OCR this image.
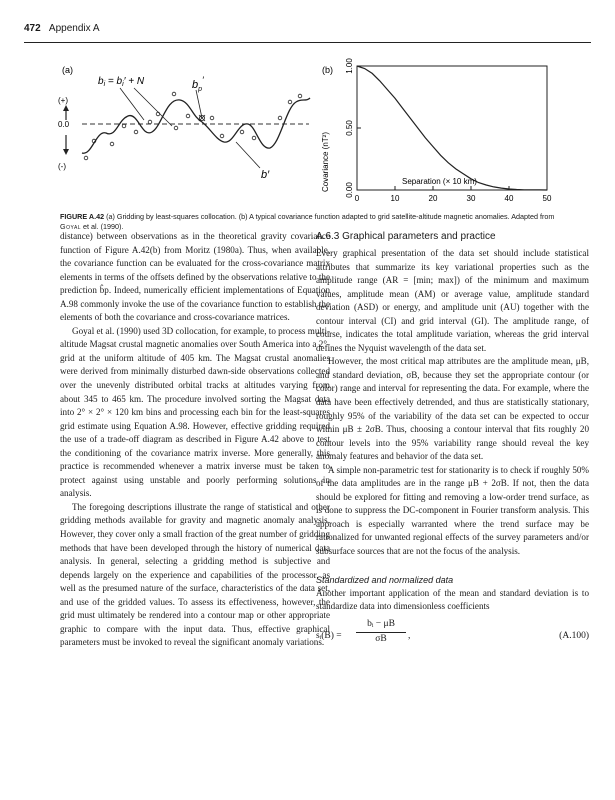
472 Appendix A
(a)
$b_i = b_i' + N$	$b_p'$
b′
(+)
0.0
(-)
(b)
Covariance (nT²) 0.00
0.50
1.00
0	10	20	30	40	50
Separation (× 10 km)
FIGURE A.42 (a) Gridding by least-squares collocation. (b) A typical covariance function adapted to grid satellite-altitude magnetic anomalies. Adapted from Goyal et al. (1990).

distance) between observations as in the theoretical gravity covariance function of Figure A.42(b) from Moritz (1980a). Thus, when available, the covariance function can be evaluated for the cross-covariance matrix elements in terms of the offsets defined by the observations relative to the prediction b̂p. Indeed, numerically efficient implementations of Equation A.98 commonly invoke the use of the covariance function to establish the elements of both the covariance and cross-covariance matrices.

Goyal et al. (1990) used 3D collocation, for example, to process multi-altitude Magsat crustal magnetic anomalies over South America into a 2°-grid at the uniform altitude of 405 km. The Magsat crustal anomalies were derived from minimally disturbed dawn-side observations collected over the unevenly distributed orbital tracks at altitudes varying from about 345 to 465 km. The procedure involved sorting the Magsat data into 2° × 2° × 120 km bins and processing each bin for the least-squares grid estimate using Equation A.98. However, effective gridding required the use of a trade-off diagram as described in Figure A.42 above to test the conditioning of the covariance matrix inverse. More generally, this practice is recommended whenever a matrix inverse must be taken to protect against using unstable and poorly performing solutions in analysis.

The foregoing descriptions illustrate the range of statistical and other gridding methods available for gravity and magnetic anomaly analysis. However, they cover only a small fraction of the great number of gridding methods that have been developed through the history of numerical data analysis. In general, selecting a gridding method is subjective and depends largely on the experience and capabilities of the processor, as well as the presumed nature of the surface, characteristics of the data set, and use of the gridded values. To assess its effectiveness, however, the grid must ultimately be rendered into a contour map or other appropriate graphic to compare with the input data. Thus, effective graphical parameters must be invoked to reveal the significant anomaly variations.

A.6.3 Graphical parameters and practice

Every graphical presentation of the data set should include statistical attributes that summarize its key variational properties such as the amplitude range (AR = [min; max]) of the minimum and maximum values, amplitude mean (AM) or average value, amplitude standard deviation (ASD) or energy, and amplitude unit (AU) together with the contour interval (CI) and grid interval (GI). The amplitude range, of course, indicates the total amplitude variation, whereas the grid interval defines the Nyquist wavelength of the data set.

However, the most critical map attributes are the amplitude mean, μB, and standard deviation, σB, because they set the appropriate contour (or color) range and interval for representing the data. For example, where the data have been effectively detrended, and thus are statistically stationary, roughly 95% of the variability of the data set can be expected to occur within μB ± 2σB. Thus, choosing a contour interval that fits roughly 20 contour levels into the 95% variability range should reveal the key anomaly features and behavior of the data set.

A simple non-parametric test for stationarity is to check if roughly 50% of the data amplitudes are in the range μB + 2σB. If not, then the data should be explored for fitting and removing a low-order trend surface, as is done to suppress the DC-component in Fourier transform analysis. This approach is especially warranted where the trend surface may be rationalized for unwanted regional effects of the survey parameters and/or subsurface sources that are not the focus of the analysis.

Standardized and normalized data

Another important application of the mean and standard deviation is to standardize data into dimensionless coefficients

sᵢ(B) = $\frac{\text{bᵢ − μB}}{\sigma B}$ ,	(A.100)
